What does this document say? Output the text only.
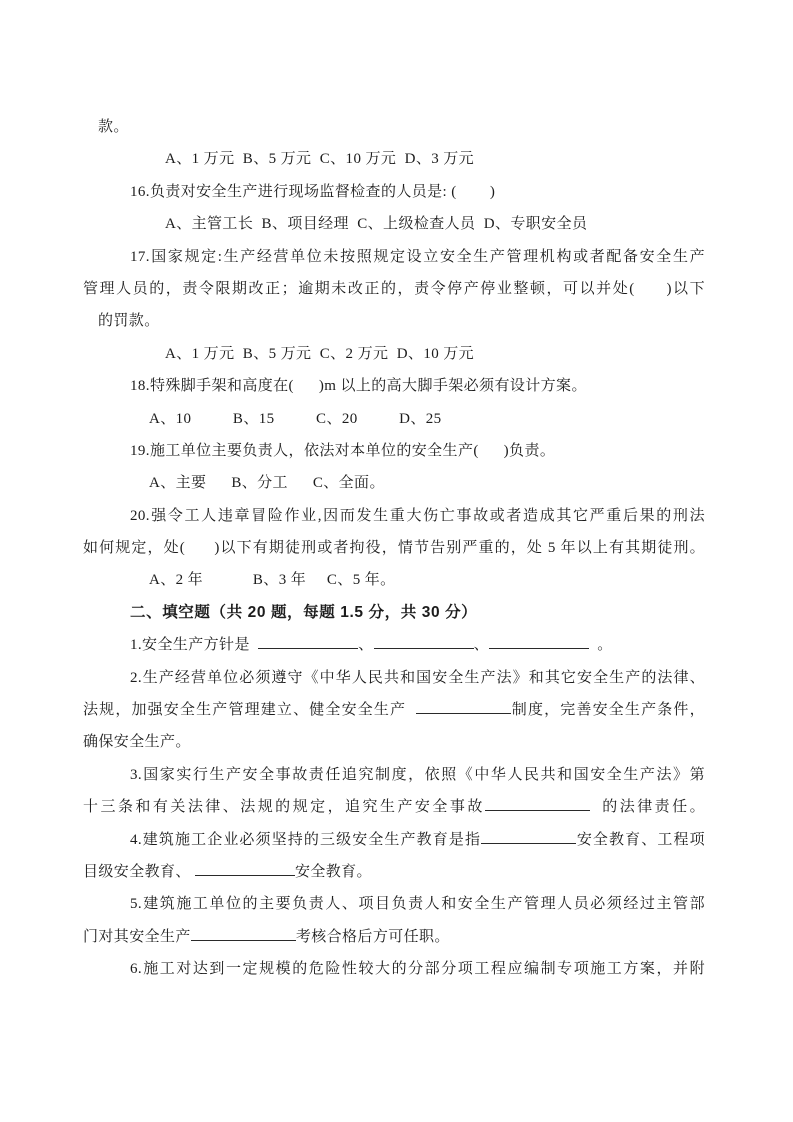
款。
A、1 万元  B、5 万元  C、10 万元  D、3 万元
16.负责对安全生产进行现场监督检查的人员是: (        )
A、主管工长  B、项目经理  C、上级检查人员  D、专职安全员
17.国家规定:生产经营单位未按照规定设立安全生产管理机构或者配备安全生产
管理人员的，责令限期改正；逾期未改正的，责令停产停业整顿，可以并处(      )以下
的罚款。
A、1 万元  B、5 万元  C、2 万元  D、10 万元
18.特殊脚手架和高度在(      )m 以上的高大脚手架必须有设计方案。
A、10          B、15          C、20          D、25
19.施工单位主要负责人，依法对本单位的安全生产(      )负责。
A、主要      B、分工      C、全面。
20.强令工人违章冒险作业,因而发生重大伤亡事故或者造成其它严重后果的刑法
如何规定，处(      )以下有期徒刑或者拘役，情节告别严重的，处 5 年以上有其期徒刑。
A、2 年            B、3 年     C、5 年。
二、填空题（共 20 题，每题 1.5 分，共 30 分）
1.安全生产方针是	、	、	。
2.生产经营单位必须遵守《中华人民共和国安全生产法》和其它安全生产的法律、
法规，加强安全生产管理建立、健全安全生产	制度，完善安全生产条件，
确保安全生产。
3.国家实行生产安全事故责任追究制度，依照《中华人民共和国安全生产法》第
十三条和有关法律、法规的规定，追究生产安全事故	的法律责任。
4.建筑施工企业必须坚持的三级安全生产教育是指	安全教育、工程项
目级安全教育、	安全教育。
5.建筑施工单位的主要负责人、项目负责人和安全生产管理人员必须经过主管部
门对其安全生产	考核合格后方可任职。
6.施工对达到一定规模的危险性较大的分部分项工程应编制专项施工方案，并附
